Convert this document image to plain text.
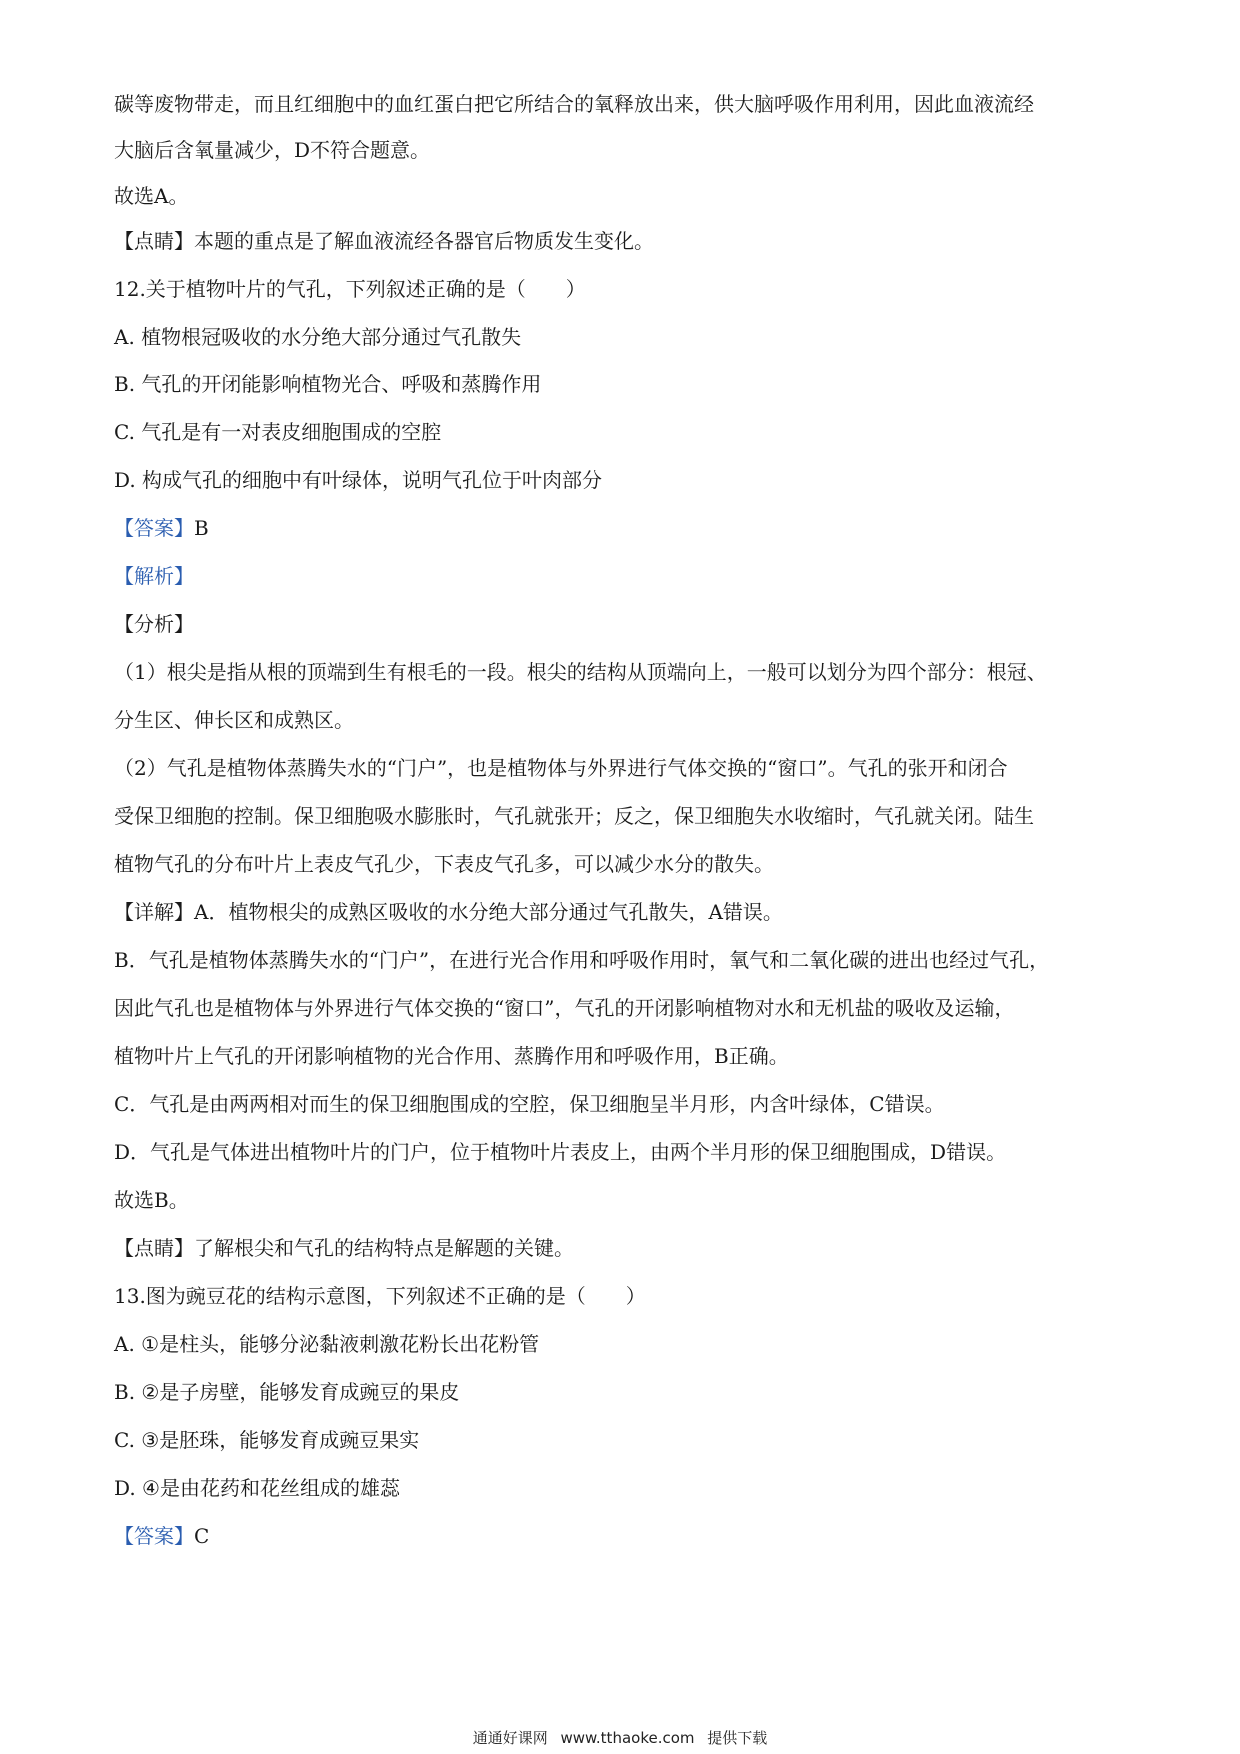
碳等废物带走，而且红细胞中的血红蛋白把它所结合的氧释放出来，供大脑呼吸作用利用，因此血液流经
大脑后含氧量减少，D不符合题意。
故选A。
【点睛】本题的重点是了解血液流经各器官后物质发生变化。
12.关于植物叶片的气孔，下列叙述正确的是（　　）
A. 植物根冠吸收的水分绝大部分通过气孔散失
B. 气孔的开闭能影响植物光合、呼吸和蒸腾作用
C. 气孔是有一对表皮细胞围成的空腔
D. 构成气孔的细胞中有叶绿体，说明气孔位于叶肉部分
【答案】B
【解析】
【分析】
（1）根尖是指从根的顶端到生有根毛的一段。根尖的结构从顶端向上，一般可以划分为四个部分：根冠、
分生区、伸长区和成熟区。
（2）气孔是植物体蒸腾失水的“门户”，也是植物体与外界进行气体交换的“窗口”。气孔的张开和闭合
受保卫细胞的控制。保卫细胞吸水膨胀时，气孔就张开；反之，保卫细胞失水收缩时，气孔就关闭。陆生
植物气孔的分布叶片上表皮气孔少，下表皮气孔多，可以减少水分的散失。
【详解】A．植物根尖的成熟区吸收的水分绝大部分通过气孔散失，A错误。
B．气孔是植物体蒸腾失水的“门户”，在进行光合作用和呼吸作用时，氧气和二氧化碳的进出也经过气孔，
因此气孔也是植物体与外界进行气体交换的“窗口”，气孔的开闭影响植物对水和无机盐的吸收及运输，
植物叶片上气孔的开闭影响植物的光合作用、蒸腾作用和呼吸作用，B正确。
C．气孔是由两两相对而生的保卫细胞围成的空腔，保卫细胞呈半月形，内含叶绿体，C错误。
D．气孔是气体进出植物叶片的门户，位于植物叶片表皮上，由两个半月形的保卫细胞围成，D错误。
故选B。
【点睛】了解根尖和气孔的结构特点是解题的关键。
13.图为豌豆花的结构示意图，下列叙述不正确的是（　　）
A. ①是柱头，能够分泌黏液刺激花粉长出花粉管
B. ②是子房壁，能够发育成豌豆的果皮
C. ③是胚珠，能够发育成豌豆果实
D. ④是由花药和花丝组成的雄蕊
【答案】C
通通好课网 www.tthaoke.com 提供下载
